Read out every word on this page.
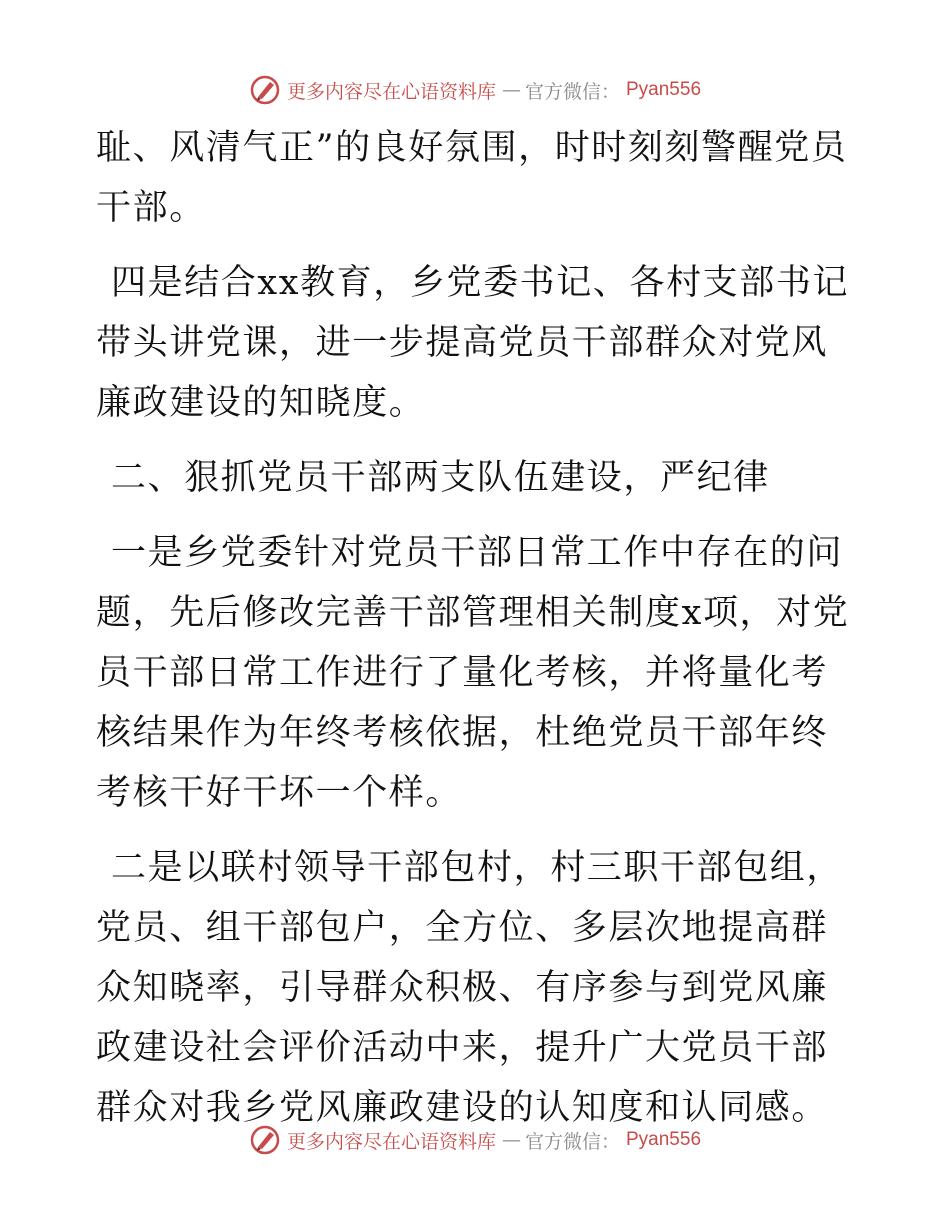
更多内容尽在心语资料库 — 官方微信： Pyan556

耻、风清气正”的良好氛围，时时刻刻警醒党员干部。

四是结合xx教育，乡党委书记、各村支部书记带头讲党课，进一步提高党员干部群众对党风廉政建设的知晓度。

二、狠抓党员干部两支队伍建设，严纪律

一是乡党委针对党员干部日常工作中存在的问题，先后修改完善干部管理相关制度x项，对党员干部日常工作进行了量化考核，并将量化考核结果作为年终考核依据，杜绝党员干部年终考核干好干坏一个样。

二是以联村领导干部包村，村三职干部包组，党员、组干部包户，全方位、多层次地提高群众知晓率，引导群众积极、有序参与到党风廉政建设社会评价活动中来，提升广大党员干部群众对我乡党风廉政建设的认知度和认同感。

更多内容尽在心语资料库 — 官方微信： Pyan556
